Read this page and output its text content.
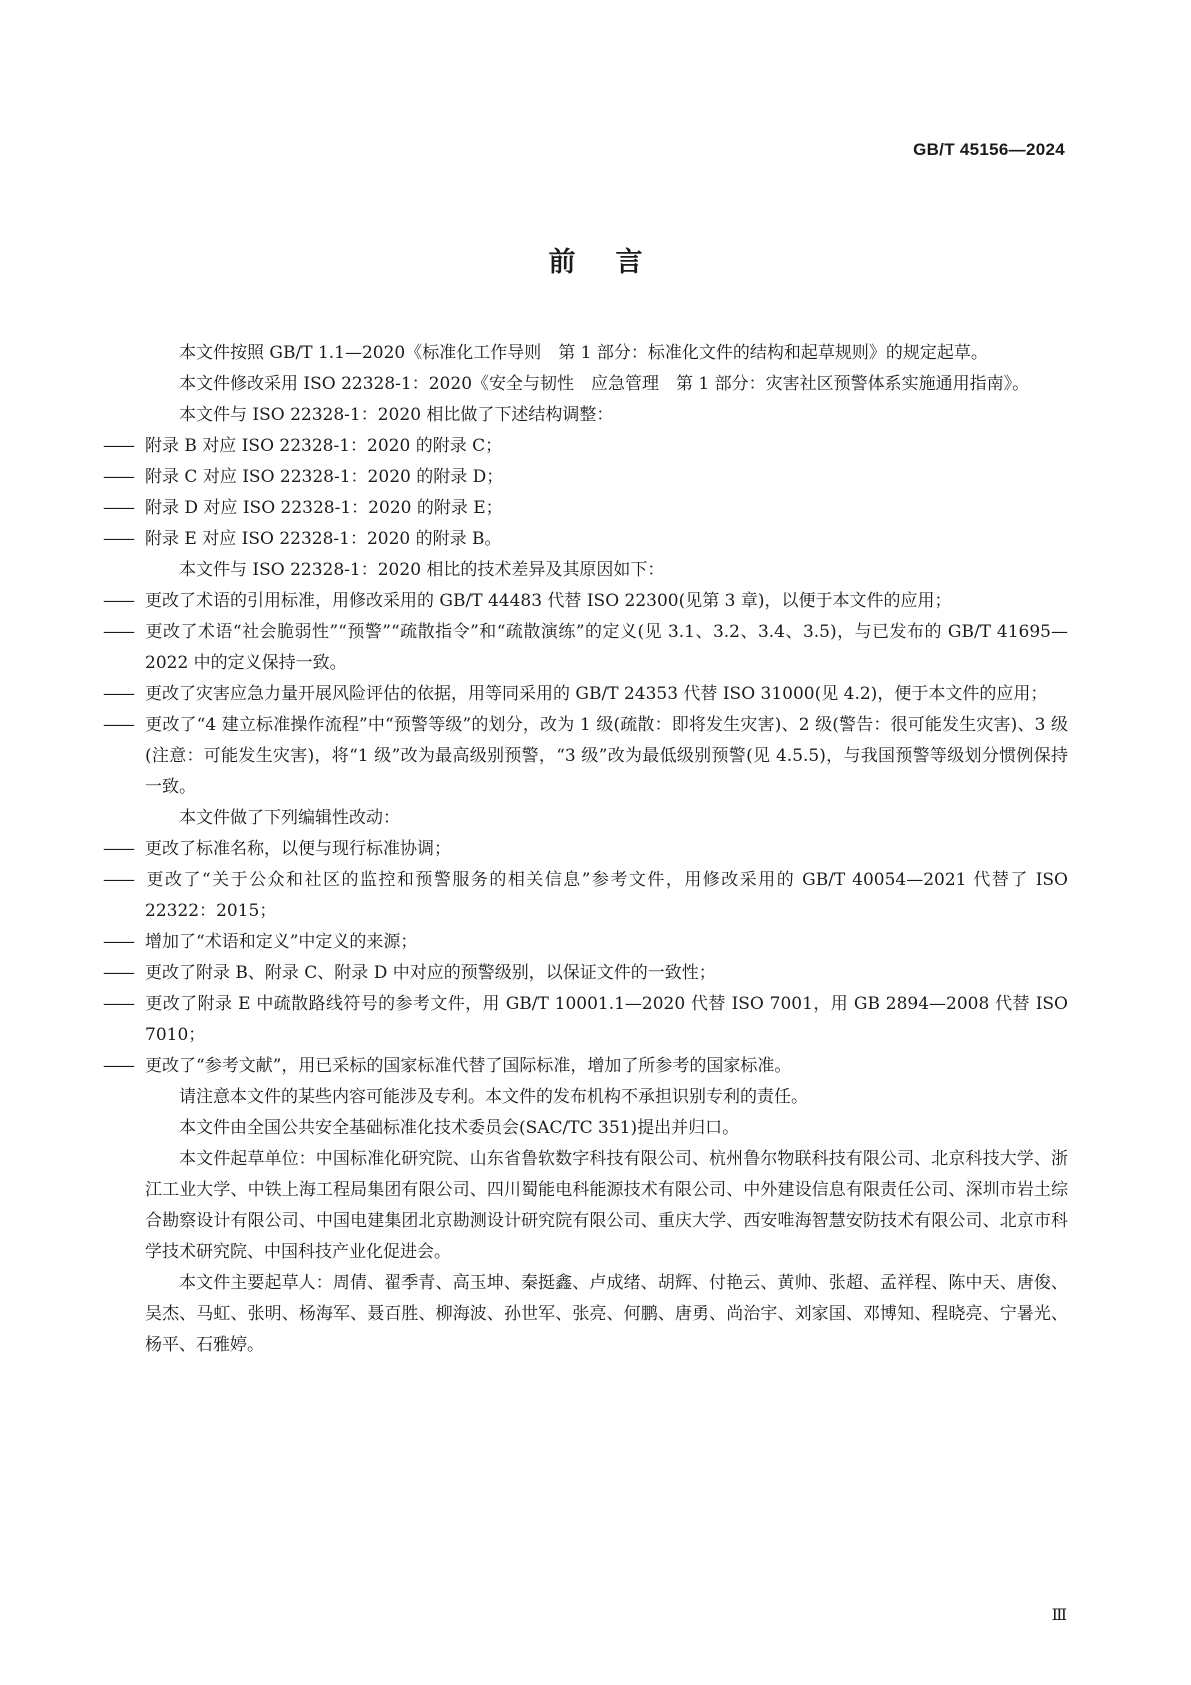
GB/T 45156—2024
前言

本文件按照 GB/T 1.1—2020《标准化工作导则　第 1 部分：标准化文件的结构和起草规则》的规定起草。

本文件修改采用 ISO 22328-1：2020《安全与韧性　应急管理　第 1 部分：灾害社区预警体系实施通用指南》。

本文件与 ISO 22328-1：2020 相比做了下述结构调整：

—— 附录 B 对应 ISO 22328-1：2020 的附录 C；

—— 附录 C 对应 ISO 22328-1：2020 的附录 D；

—— 附录 D 对应 ISO 22328-1：2020 的附录 E；

—— 附录 E 对应 ISO 22328-1：2020 的附录 B。

本文件与 ISO 22328-1：2020 相比的技术差异及其原因如下：

—— 更改了术语的引用标准，用修改采用的 GB/T 44483 代替 ISO 22300(见第 3 章)，以便于本文件的应用；

—— 更改了术语“社会脆弱性”“预警”“疏散指令”和“疏散演练”的定义(见 3.1、3.2、3.4、3.5)，与已发布的 GB/T 41695—2022 中的定义保持一致。

—— 更改了灾害应急力量开展风险评估的依据，用等同采用的 GB/T 24353 代替 ISO 31000(见 4.2)，便于本文件的应用；

—— 更改了“4 建立标准操作流程”中“预警等级”的划分，改为 1 级(疏散：即将发生灾害)、2 级(警告：很可能发生灾害)、3 级(注意：可能发生灾害)，将“1 级”改为最高级别预警，“3 级”改为最低级别预警(见 4.5.5)，与我国预警等级划分惯例保持一致。

本文件做了下列编辑性改动：

—— 更改了标准名称，以便与现行标准协调；

—— 更改了“关于公众和社区的监控和预警服务的相关信息”参考文件，用修改采用的 GB/T 40054—2021 代替了 ISO 22322：2015；

—— 增加了“术语和定义”中定义的来源；

—— 更改了附录 B、附录 C、附录 D 中对应的预警级别，以保证文件的一致性；

—— 更改了附录 E 中疏散路线符号的参考文件，用 GB/T 10001.1—2020 代替 ISO 7001，用 GB 2894—2008 代替 ISO 7010；

—— 更改了“参考文献”，用已采标的国家标准代替了国际标准，增加了所参考的国家标准。

请注意本文件的某些内容可能涉及专利。本文件的发布机构不承担识别专利的责任。

本文件由全国公共安全基础标准化技术委员会(SAC/TC 351)提出并归口。

本文件起草单位：中国标准化研究院、山东省鲁软数字科技有限公司、杭州鲁尔物联科技有限公司、北京科技大学、浙江工业大学、中铁上海工程局集团有限公司、四川蜀能电科能源技术有限公司、中外建设信息有限责任公司、深圳市岩土综合勘察设计有限公司、中国电建集团北京勘测设计研究院有限公司、重庆大学、西安唯海智慧安防技术有限公司、北京市科学技术研究院、中国科技产业化促进会。

本文件主要起草人：周倩、翟季青、高玉坤、秦挺鑫、卢成绪、胡辉、付艳云、黄帅、张超、孟祥程、陈中天、唐俊、吴杰、马虹、张明、杨海军、聂百胜、柳海波、孙世军、张亮、何鹏、唐勇、尚治宇、刘家国、邓博知、程晓亮、宁暑光、杨平、石雅婷。

Ⅲ
